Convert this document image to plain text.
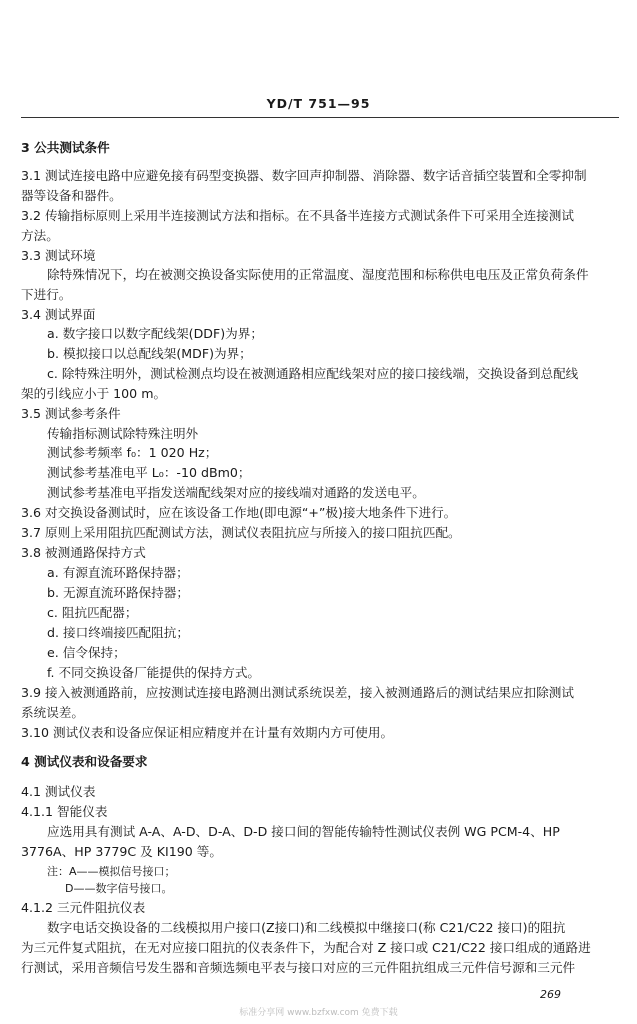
YD/T 751—95
3 公共测试条件
3.1 测试连接电路中应避免接有码型变换器、数字回声抑制器、消除器、数字话音插空装置和全零抑制
器等设备和器件。
3.2 传输指标原则上采用半连接测试方法和指标。在不具备半连接方式测试条件下可采用全连接测试
方法。
3.3 测试环境
除特殊情况下，均在被测交换设备实际使用的正常温度、湿度范围和标称供电电压及正常负荷条件
下进行。
3.4 测试界面
a. 数字接口以数字配线架(DDF)为界；
b. 模拟接口以总配线架(MDF)为界；
c. 除特殊注明外，测试检测点均设在被测通路相应配线架对应的接口接线端，交换设备到总配线
架的引线应小于 100 m。
3.5 测试参考条件
传输指标测试除特殊注明外
测试参考频率 f₀：1 020 Hz；
测试参考基准电平 L₀：-10 dBm0；
测试参考基准电平指发送端配线架对应的接线端对通路的发送电平。
3.6 对交换设备测试时，应在该设备工作地(即电源“+”极)接大地条件下进行。
3.7 原则上采用阻抗匹配测试方法，测试仪表阻抗应与所接入的接口阻抗匹配。
3.8 被测通路保持方式
a. 有源直流环路保持器；
b. 无源直流环路保持器；
c. 阻抗匹配器；
d. 接口终端接匹配阻抗；
e. 信令保持；
f. 不同交换设备厂能提供的保持方式。
3.9 接入被测通路前，应按测试连接电路测出测试系统误差，接入被测通路后的测试结果应扣除测试
系统误差。
3.10 测试仪表和设备应保证相应精度并在计量有效期内方可使用。
4 测试仪表和设备要求
4.1 测试仪表
4.1.1 智能仪表
应选用具有测试 A-A、A-D、D-A、D-D 接口间的智能传输特性测试仪表例 WG PCM-4、HP
3776A、HP 3779C 及 KI190 等。
注：A——模拟信号接口；
D——数字信号接口。
4.1.2 三元件阻抗仪表
数字电话交换设备的二线模拟用户接口(Z接口)和二线模拟中继接口(称 C21/C22 接口)的阻抗
为三元件复式阻抗，在无对应接口阻抗的仪表条件下，为配合对 Z 接口或 C21/C22 接口组成的通路进
行测试，采用音频信号发生器和音频选频电平表与接口对应的三元件阻抗组成三元件信号源和三元件
269
标准分享网 www.bzfxw.com 免费下载
